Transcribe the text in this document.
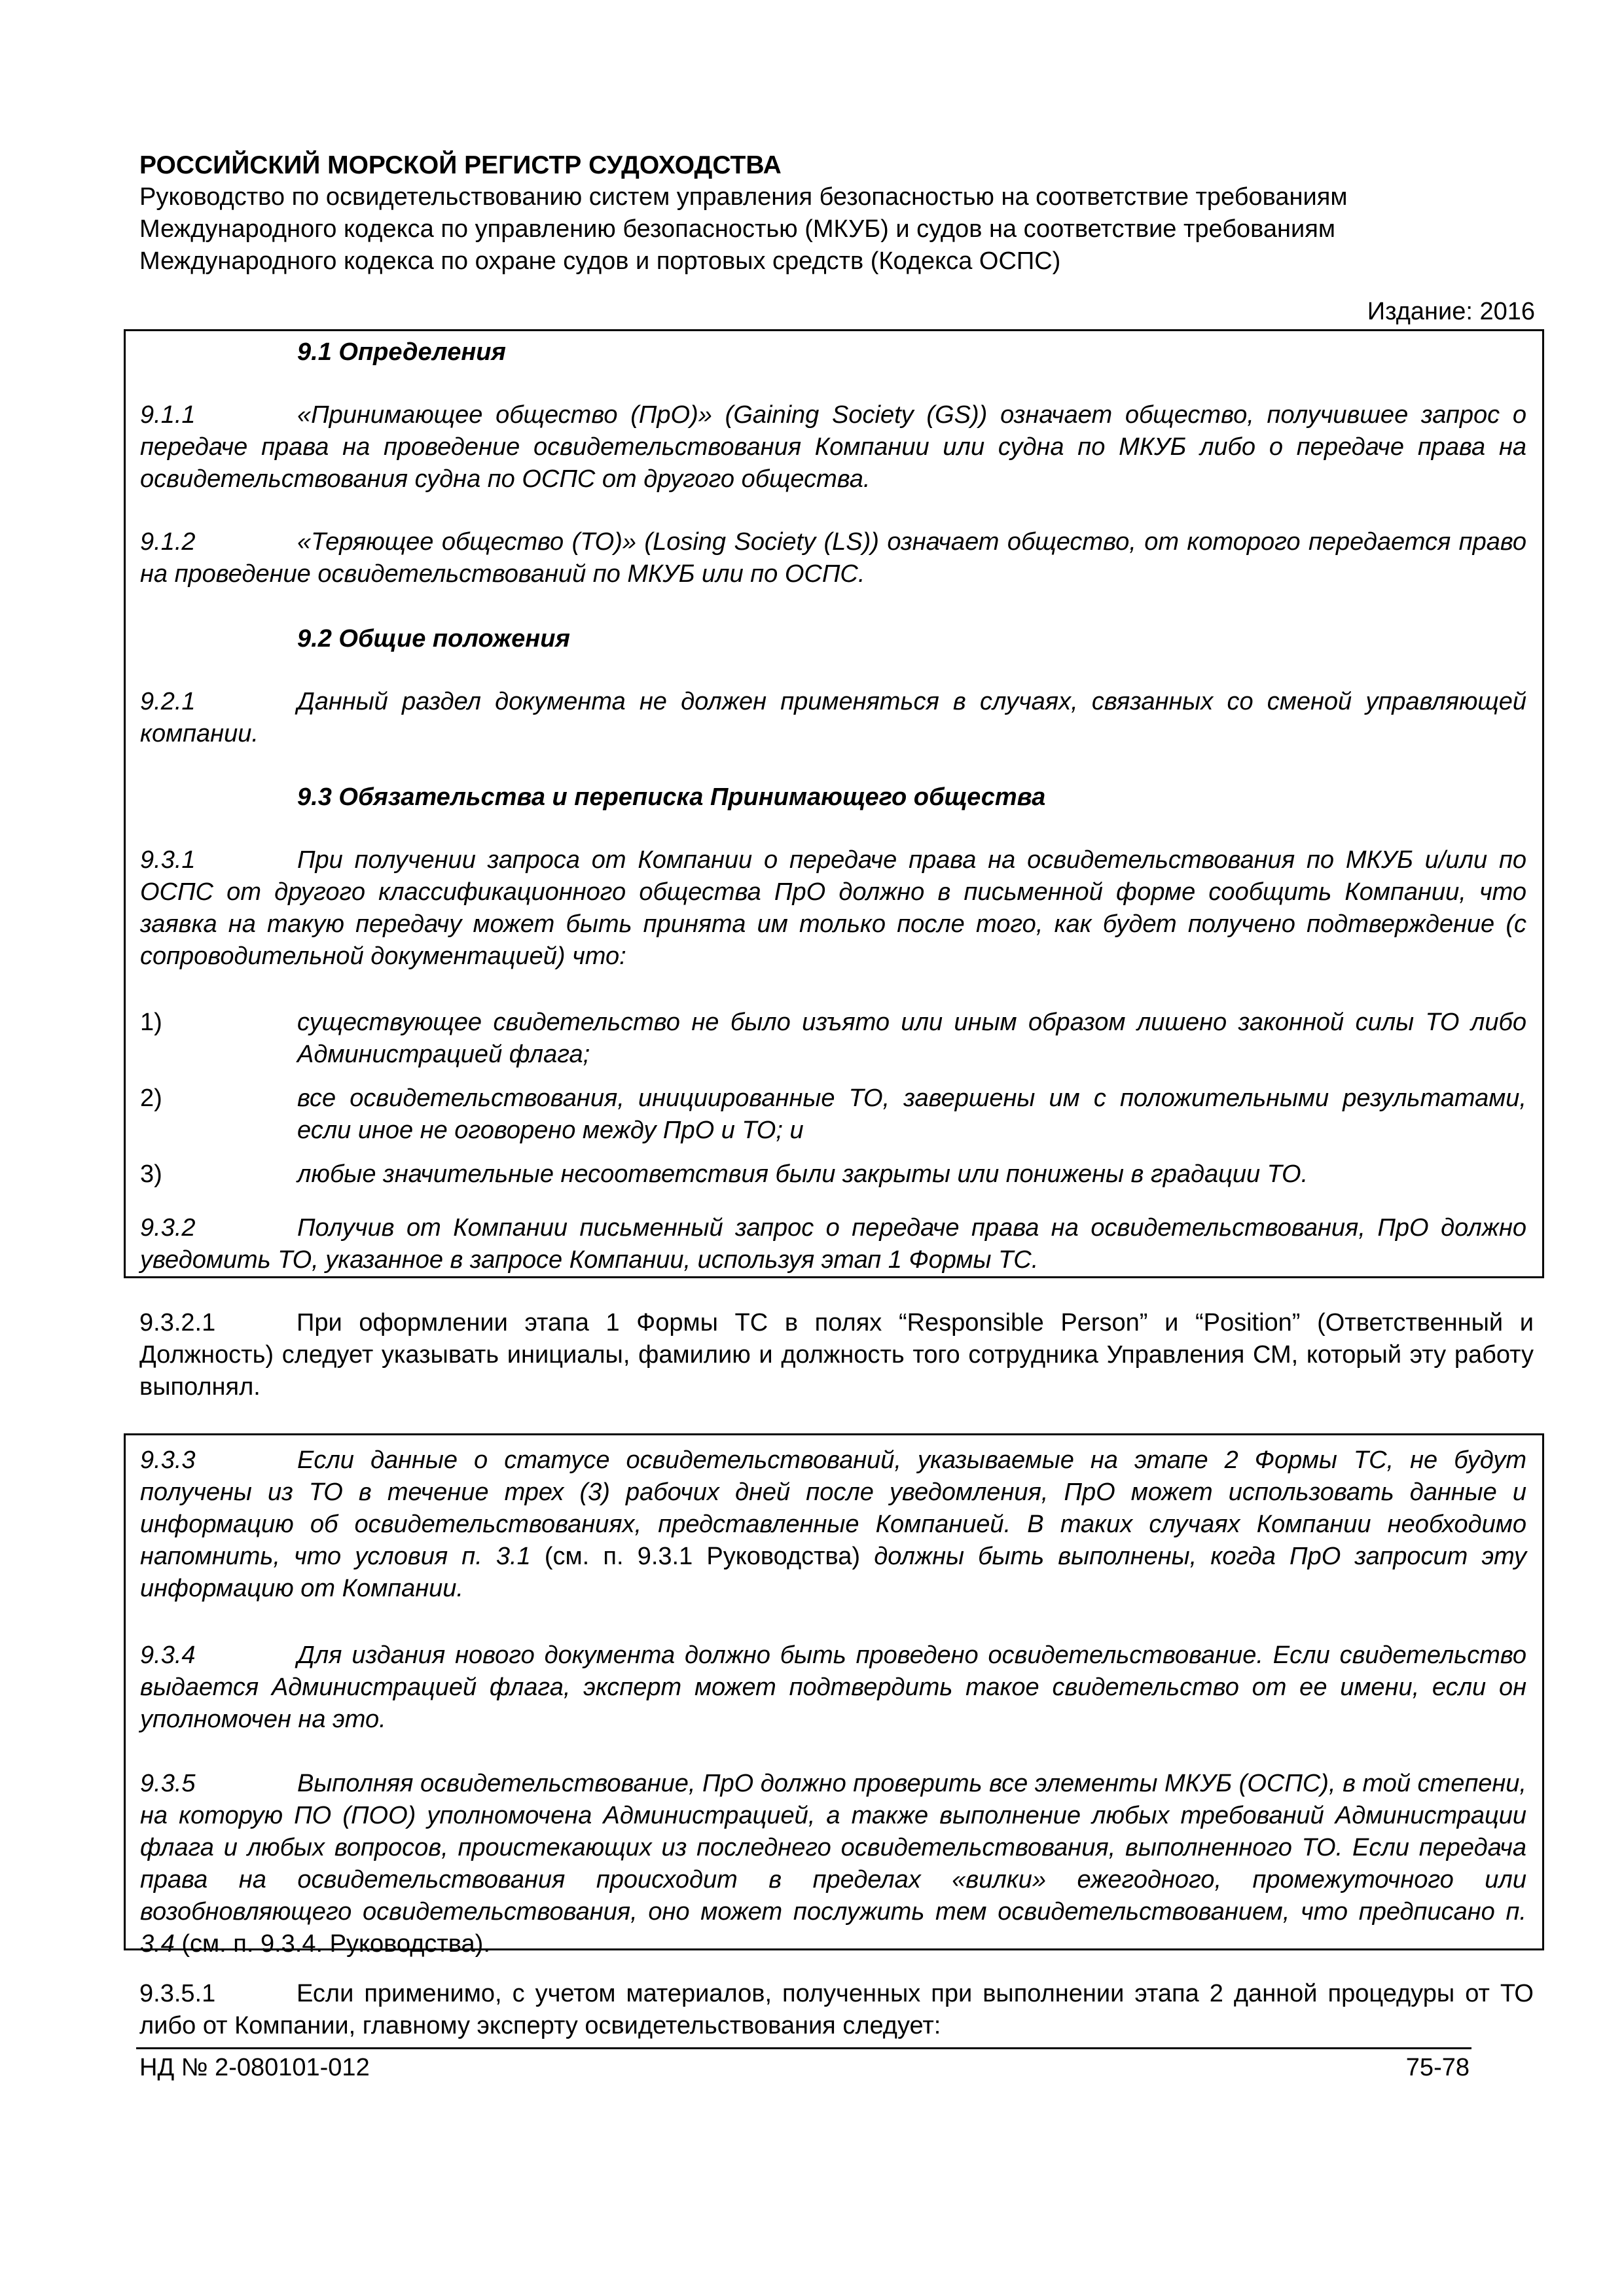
РОССИЙСКИЙ МОРСКОЙ РЕГИСТР СУДОХОДСТВА
Руководство по освидетельствованию систем управления безопасностью на соответствие требованиям
Международного кодекса по управлению безопасностью (МКУБ) и судов на соответствие требованиям
Международного кодекса по охране судов и портовых средств (Кодекса ОСПС)
Издание: 2016
9.1 Определения
9.1.1	«Принимающее общество (ПрО)» (Gaining Society (GS)) означает общество, получившее запрос о передаче права на проведение освидетельствования Компании или судна по МКУБ либо о передаче права на освидетельствования судна по ОСПС от другого общества.
9.1.2	«Теряющее общество (ТО)» (Losing Society (LS)) означает общество, от которого передается право на проведение освидетельствований по МКУБ или по ОСПС.
9.2 Общие положения
9.2.1	Данный раздел документа не должен применяться в случаях, связанных со сменой управляющей компании.
9.3 Обязательства и переписка Принимающего общества
9.3.1	При получении запроса от Компании о передаче права на освидетельствования по МКУБ и/или по ОСПС от другого классификационного общества ПрО должно в письменной форме сообщить Компании, что заявка на такую передачу может быть принята им только после того, как будет получено подтверждение (с сопроводительной документацией) что:
1)	существующее свидетельство не было изъято или иным образом лишено законной силы ТО либо Администрацией флага;
2)	все освидетельствования, инициированные ТО, завершены им с положительными результатами, если иное не оговорено между ПрО и ТО; и
3)	любые значительные несоответствия были закрыты или понижены в градации ТО.
9.3.2	Получив от Компании письменный запрос о передаче права на освидетельствования, ПрО должно уведомить ТО, указанное в запросе Компании, используя этап 1 Формы ТС.
9.3.2.1	При оформлении этапа 1 Формы ТС в полях “Responsible Person” и “Position” (Ответственный и Должность) следует указывать инициалы, фамилию и должность того сотрудника Управления СМ, который эту работу выполнял.
9.3.3	Если данные о статусе освидетельствований, указываемые на этапе 2 Формы ТС, не будут получены из ТО в течение трех (3) рабочих дней после уведомления, ПрО может использовать данные и информацию об освидетельствованиях, представленные Компанией. В таких случаях Компании необходимо напомнить, что условия п. 3.1 (см. п. 9.3.1 Руководства) должны быть выполнены, когда ПрО запросит эту информацию от Компании.
9.3.4	Для издания нового документа должно быть проведено освидетельствование. Если свидетельство выдается Администрацией флага, эксперт может подтвердить такое свидетельство от ее имени, если он уполномочен на это.
9.3.5	Выполняя освидетельствование, ПрО должно проверить все элементы МКУБ (ОСПС), в той степени, на которую ПО (ПОО) уполномочена Администрацией, а также выполнение любых требований Администрации флага и любых вопросов, проистекающих из последнего освидетельствования, выполненного ТО. Если передача права на освидетельствования происходит в пределах «вилки» ежегодного, промежуточного или возобновляющего освидетельствования, оно может послужить тем освидетельствованием, что предписано п. 3.4 (см. п. 9.3.4. Руководства).
9.3.5.1	Если применимо, с учетом материалов, полученных при выполнении этапа 2 данной процедуры от ТО либо от Компании, главному эксперту освидетельствования следует:
НД № 2-080101-012	75-78
